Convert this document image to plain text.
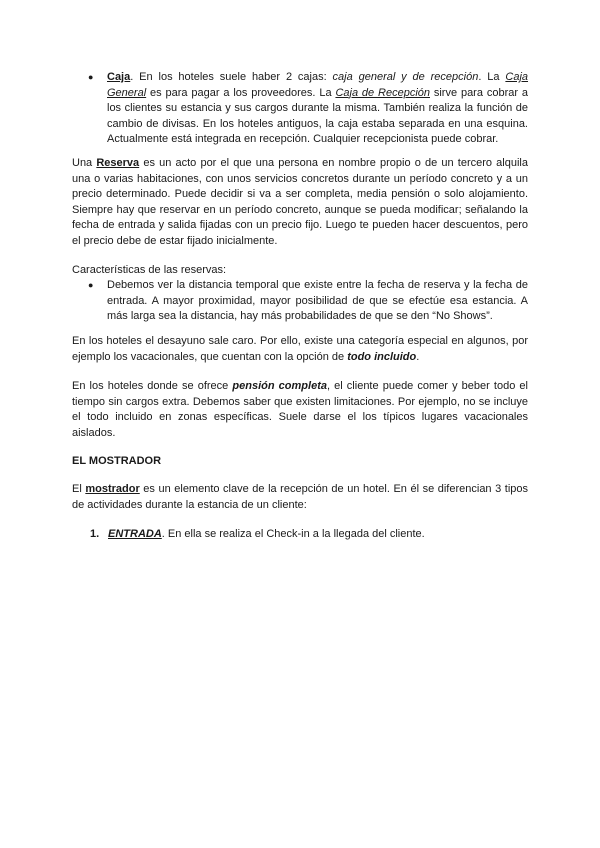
● Caja. En los hoteles suele haber 2 cajas: caja general y de recepción. La Caja General es para pagar a los proveedores. La Caja de Recepción sirve para cobrar a los clientes su estancia y sus cargos durante la misma. También realiza la función de cambio de divisas. En los hoteles antiguos, la caja estaba separada en una esquina. Actualmente está integrada en recepción. Cualquier recepcionista puede cobrar.

Una Reserva es un acto por el que una persona en nombre propio o de un tercero alquila una o varias habitaciones, con unos servicios concretos durante un período concreto y a un precio determinado. Puede decidir si va a ser completa, media pensión o solo alojamiento. Siempre hay que reservar en un período concreto, aunque se pueda modificar; señalando la fecha de entrada y salida fijadas con un precio fijo. Luego te pueden hacer descuentos, pero el precio debe de estar fijado inicialmente.

Características de las reservas:

● Debemos ver la distancia temporal que existe entre la fecha de reserva y la fecha de entrada. A mayor proximidad, mayor posibilidad de que se efectúe esa estancia. A más larga sea la distancia, hay más probabilidades de que se den “No Shows”.

En los hoteles el desayuno sale caro. Por ello, existe una categoría especial en algunos, por ejemplo los vacacionales, que cuentan con la opción de todo incluido.

En los hoteles donde se ofrece pensión completa, el cliente puede comer y beber todo el tiempo sin cargos extra. Debemos saber que existen limitaciones. Por ejemplo, no se incluye el todo incluido en zonas específicas. Suele darse el los típicos lugares vacacionales aislados.

EL MOSTRADOR

El mostrador es un elemento clave de la recepción de un hotel. En él se diferencian 3 tipos de actividades durante la estancia de un cliente:

1. ENTRADA. En ella se realiza el Check-in a la llegada del cliente.
